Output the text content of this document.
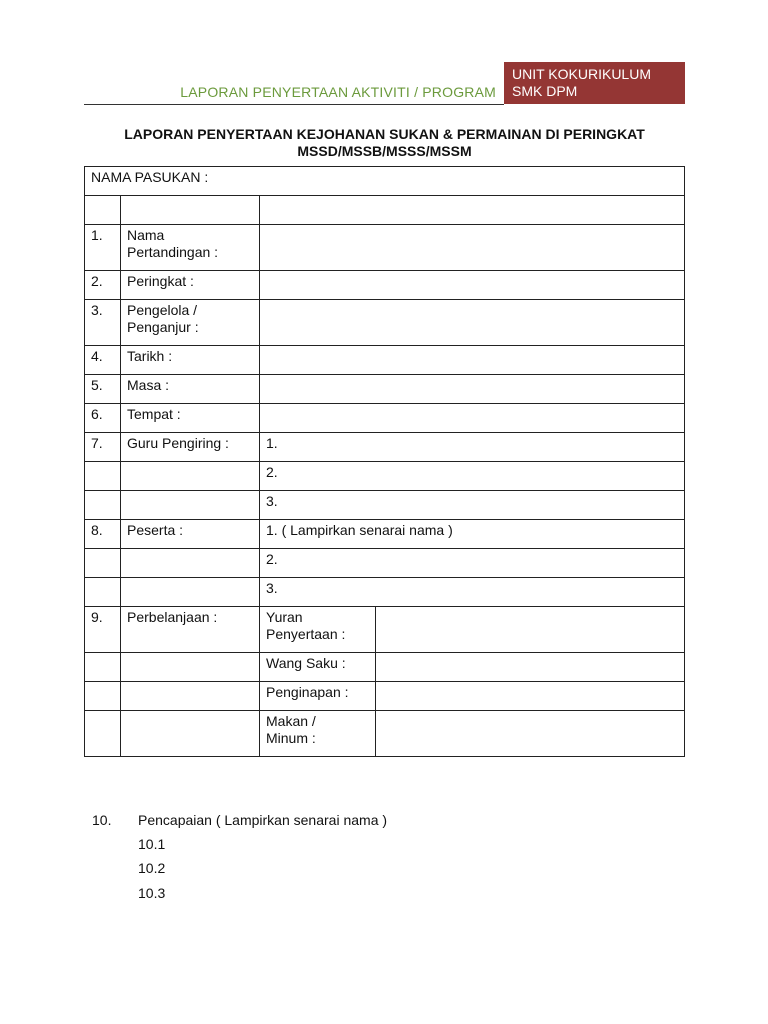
LAPORAN PENYERTAAN AKTIVITI / PROGRAM
UNIT KOKURIKULUM
SMK DPM
LAPORAN PENYERTAAN KEJOHANAN SUKAN & PERMAINAN DI PERINGKAT
MSSD/MSSB/MSSS/MSSM
NAMA PASUKAN :			

1.	Nama
Pertandingan :		

2.	Peringkat :		
3.	Pengelola /
Penganjur :		

4.	Tarikh :		
5.	Masa :		
6.	Tempat :		
7.	Guru Pengiring :	1.	
		2.	
		3.	
8.	Peserta :	1. ( Lampirkan senarai nama )	
		2.	
		3.	
9.	Perbelanjaan :	Yuran
Penyertaan :	

		Wang Saku :	
		Penginapan :	

		Makan /
Minum :	

10. Pencapaian ( Lampirkan senarai nama )
10.1
10.2
10.3
